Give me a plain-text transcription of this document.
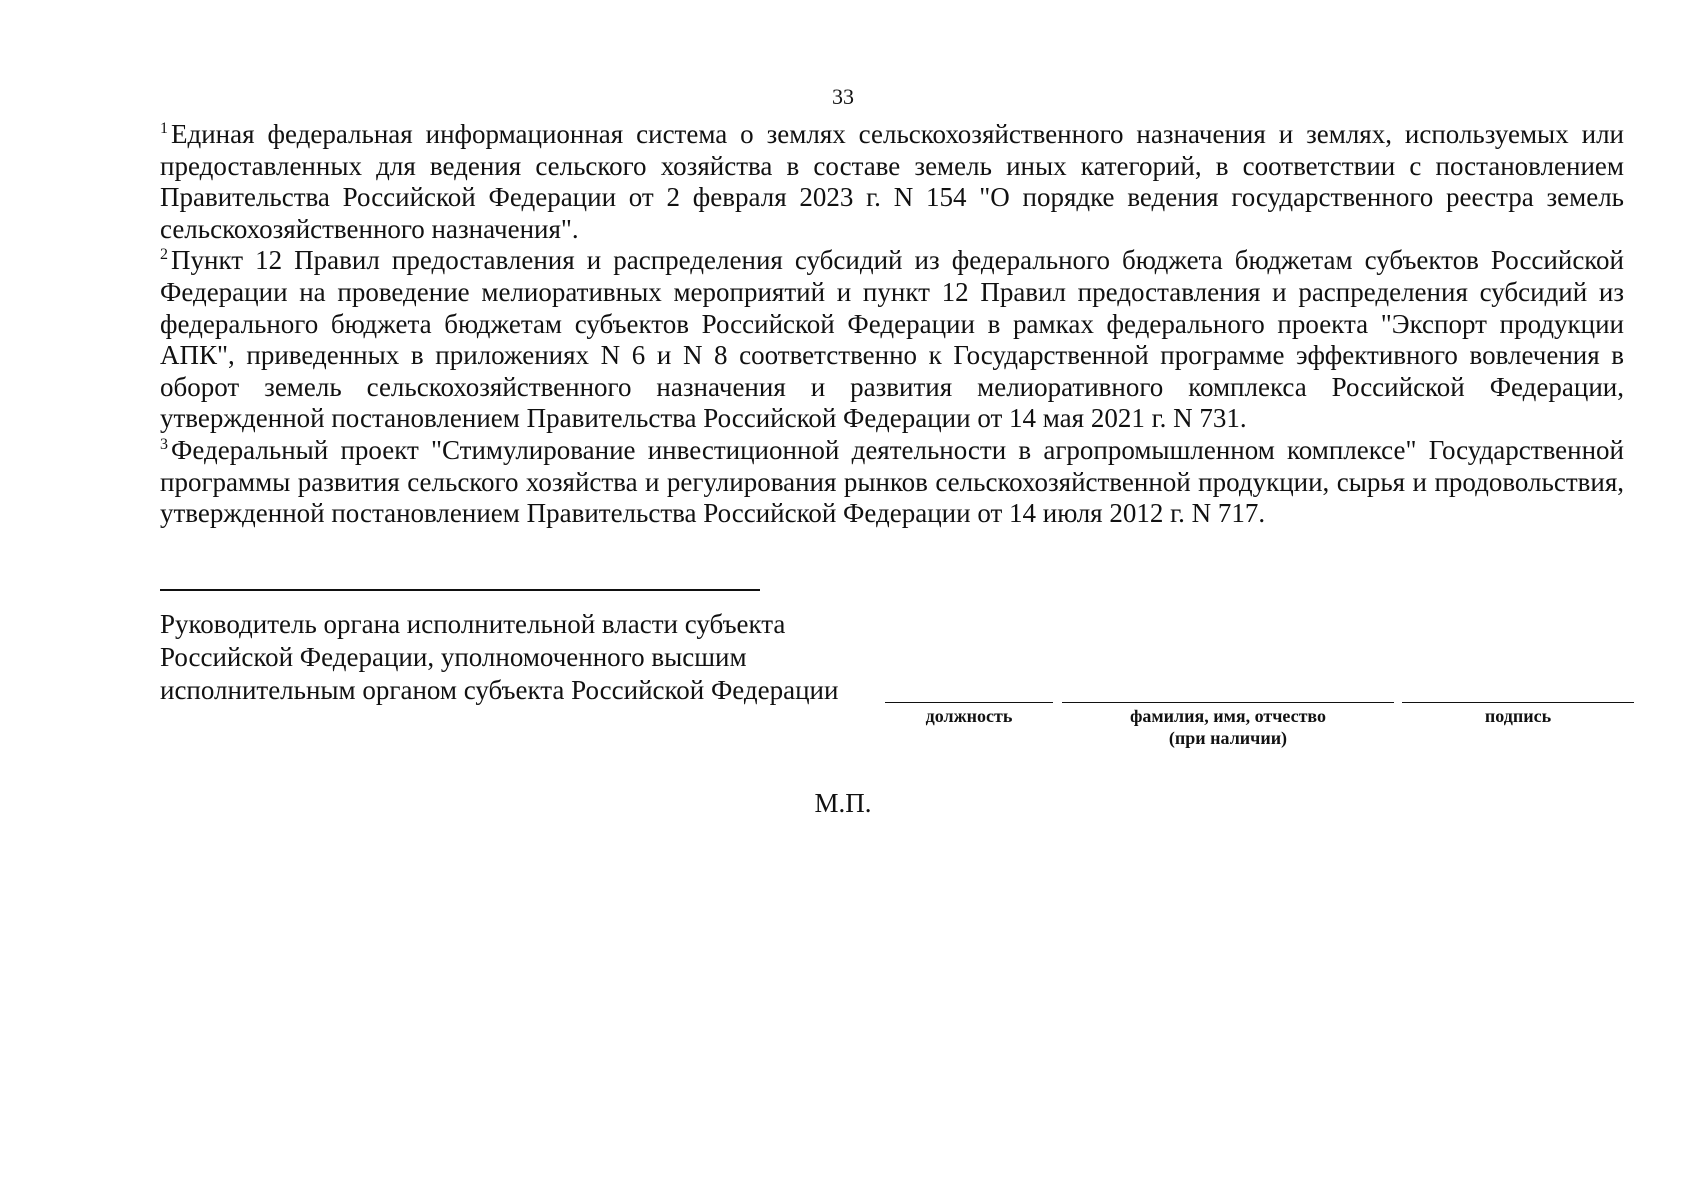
33

$^1$ Единая федеральная информационная система о землях сельскохозяйственного назначения и землях, используемых или предоставленных для ведения сельского хозяйства в составе земель иных категорий, в соответствии с постановлением Правительства Российской Федерации от 2 февраля 2023 г. N 154 "О порядке ведения государственного реестра земель сельскохозяйственного назначения".

$^2$ Пункт 12 Правил предоставления и распределения субсидий из федерального бюджета бюджетам субъектов Российской Федерации на проведение мелиоративных мероприятий и пункт 12 Правил предоставления и распределения субсидий из федерального бюджета бюджетам субъектов Российской Федерации в рамках федерального проекта "Экспорт продукции АПК", приведенных в приложениях N 6 и N 8 соответственно к Государственной программе эффективного вовлечения в оборот земель сельскохозяйственного назначения и развития мелиоративного комплекса Российской Федерации, утвержденной постановлением Правительства Российской Федерации от 14 мая 2021 г. N 731.

$^3$ Федеральный проект "Стимулирование инвестиционной деятельности в агропромышленном комплексе" Государственной программы развития сельского хозяйства и регулирования рынков сельскохозяйственной продукции, сырья и продовольствия, утвержденной постановлением Правительства Российской Федерации от 14 июля 2012 г. N 717.

Руководитель органа исполнительной власти субъекта
Российской Федерации, уполномоченного высшим
исполнительным органом субъекта Российской Федерации
должность	фамилия, имя, отчество
(при наличии)
подпись
М.П.
